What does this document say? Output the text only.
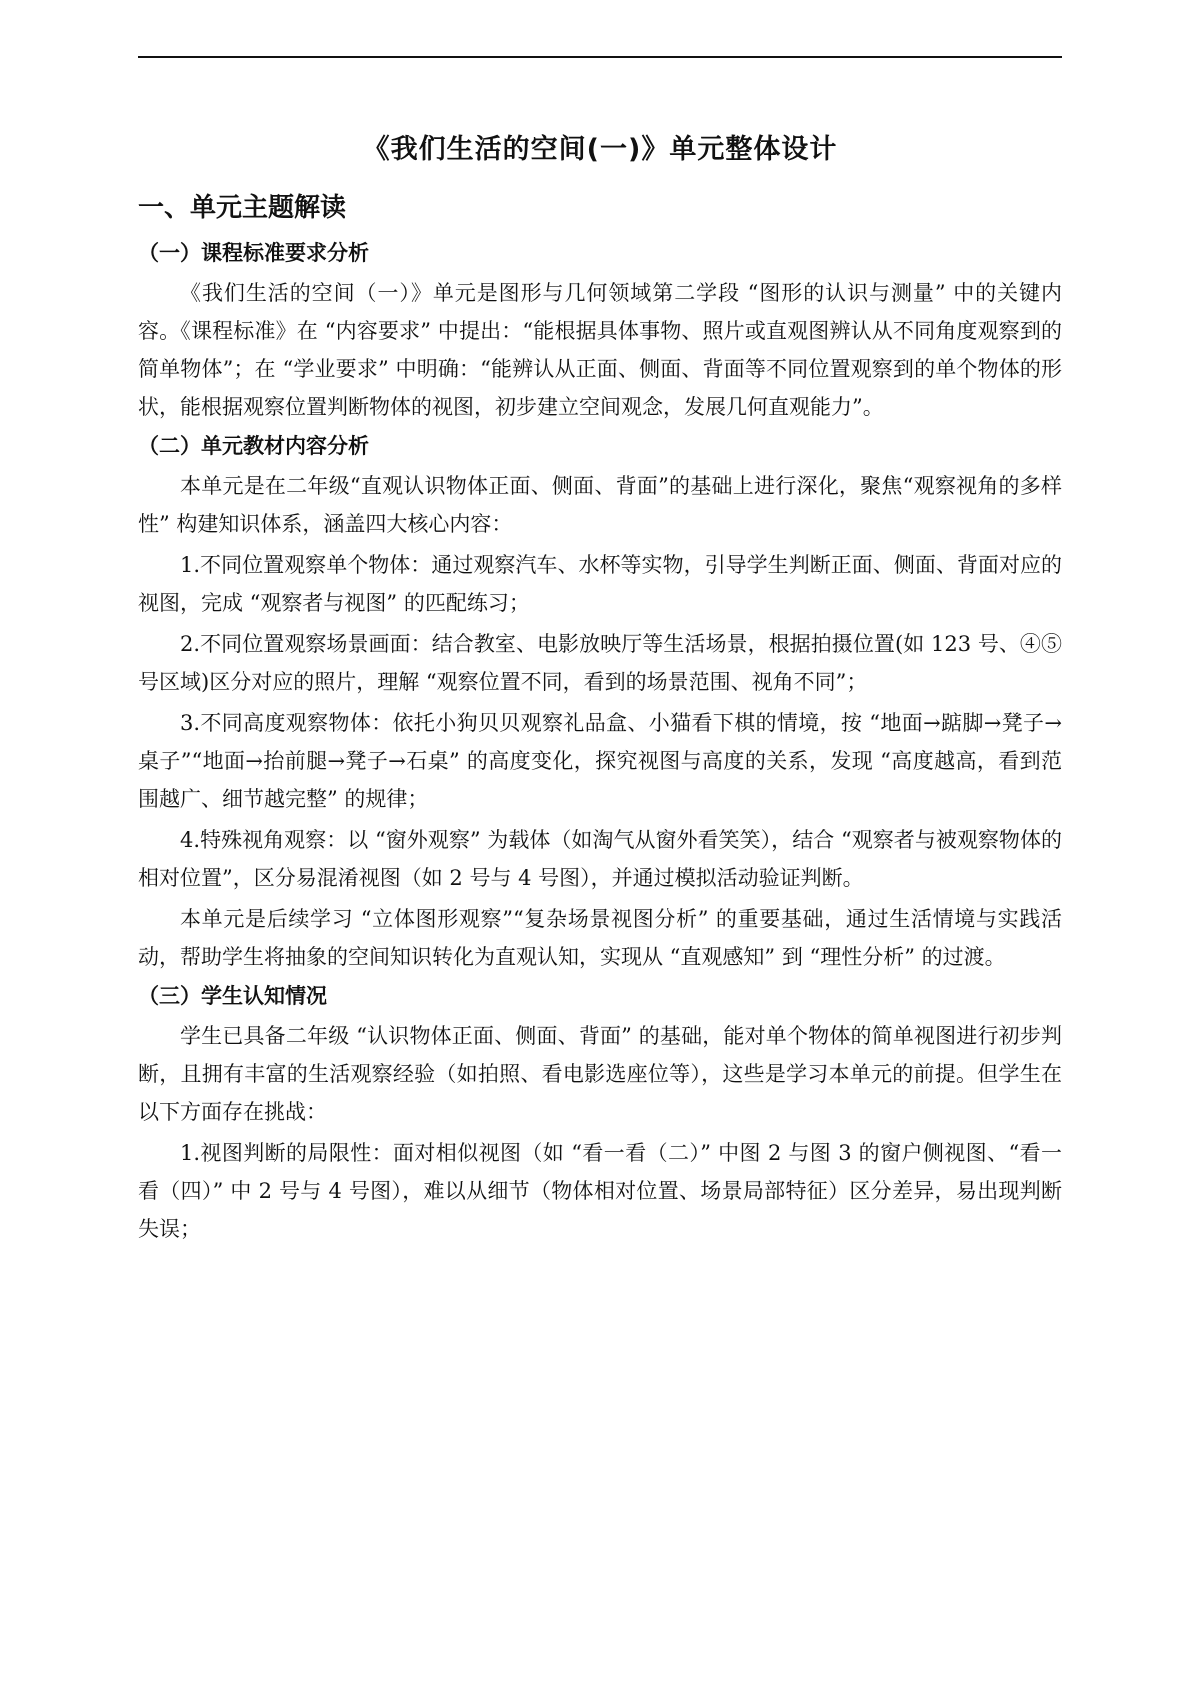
《我们生活的空间(一)》单元整体设计
一、单元主题解读
（一）课程标准要求分析

《我们生活的空间（一）》单元是图形与几何领域第二学段 “图形的认识与测量” 中的关键内容。《课程标准》在 “内容要求” 中提出：“能根据具体事物、照片或直观图辨认从不同角度观察到的简单物体”；在 “学业要求” 中明确：“能辨认从正面、侧面、背面等不同位置观察到的单个物体的形状，能根据观察位置判断物体的视图，初步建立空间观念，发展几何直观能力”。

（二）单元教材内容分析

本单元是在二年级“直观认识物体正面、侧面、背面”的基础上进行深化，聚焦“观察视角的多样性” 构建知识体系，涵盖四大核心内容：

1.不同位置观察单个物体：通过观察汽车、水杯等实物，引导学生判断正面、侧面、背面对应的视图，完成 “观察者与视图” 的匹配练习；

2.不同位置观察场景画面：结合教室、电影放映厅等生活场景，根据拍摄位置(如 123 号、④⑤号区域)区分对应的照片，理解 “观察位置不同，看到的场景范围、视角不同”；

3.不同高度观察物体：依托小狗贝贝观察礼品盒、小猫看下棋的情境，按 “地面→踮脚→凳子→桌子”“地面→抬前腿→凳子→石桌” 的高度变化，探究视图与高度的关系，发现 “高度越高，看到范围越广、细节越完整” 的规律；

4.特殊视角观察：以 “窗外观察” 为载体（如淘气从窗外看笑笑），结合 “观察者与被观察物体的相对位置”，区分易混淆视图（如 2 号与 4 号图），并通过模拟活动验证判断。

本单元是后续学习 “立体图形观察”“复杂场景视图分析” 的重要基础，通过生活情境与实践活动，帮助学生将抽象的空间知识转化为直观认知，实现从 “直观感知” 到 “理性分析” 的过渡。

（三）学生认知情况

学生已具备二年级 “认识物体正面、侧面、背面” 的基础，能对单个物体的简单视图进行初步判断，且拥有丰富的生活观察经验（如拍照、看电影选座位等），这些是学习本单元的前提。但学生在以下方面存在挑战：

1.视图判断的局限性：面对相似视图（如 “看一看（二）” 中图 2 与图 3 的窗户侧视图、“看一看（四）” 中 2 号与 4 号图），难以从细节（物体相对位置、场景局部特征）区分差异，易出现判断失误；
